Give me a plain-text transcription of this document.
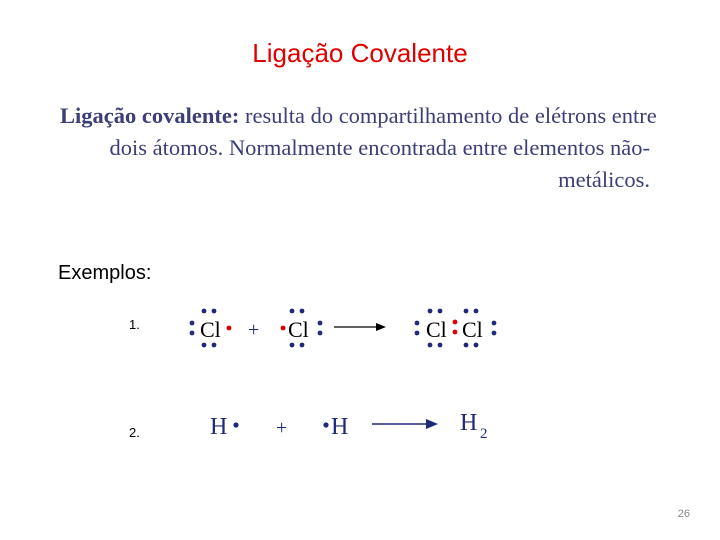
Ligação Covalente
Ligação covalente: resulta do compartilhamento de elétrons entre
dois átomos. Normalmente encontrada entre elementos não-
metálicos.
Exemplos:
1.
2.
Cl + Cl	Cl Cl
H + H	H 2
26
